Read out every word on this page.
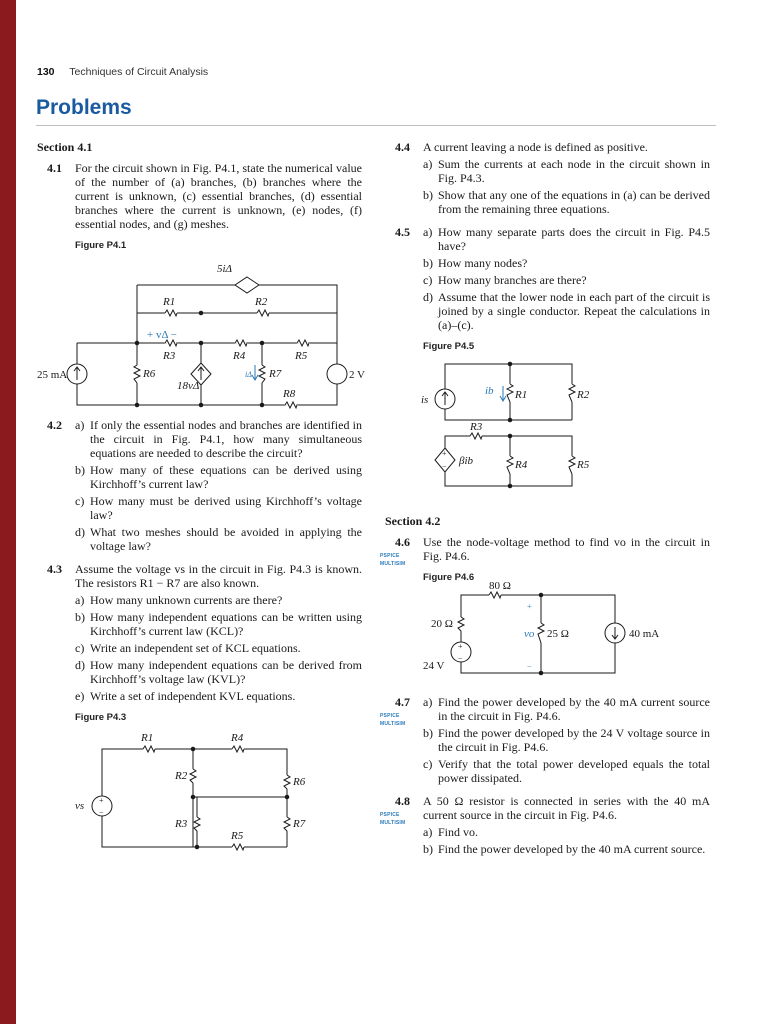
130 Techniques of Circuit Analysis
Problems
Section 4.1
4.1 For the circuit shown in Fig. P4.1, state the numerical value of the number of (a) branches, (b) branches where the current is unknown, (c) essential branches, (d) essential branches where the current is unknown, (e) nodes, (f) essential nodes, and (g) meshes.
Figure P4.1
25 mA	2 V
5iΔ
18vΔ
+ vΔ −
iΔ
R1	R2
R3	R4	R5
R6	R7
R8
4.2 a) If only the essential nodes and branches are identified in the circuit in Fig. P4.1, how many simultaneous equations are needed to describe the circuit?
b) How many of these equations can be derived using Kirchhoff’s current law?
c) How many must be derived using Kirchhoff’s voltage law?
d) What two meshes should be avoided in applying the voltage law?
4.3 Assume the voltage vs in the circuit in Fig. P4.3 is known. The resistors R1 − R7 are also known.
a) How many unknown currents are there?
b) How many independent equations can be written using Kirchhoff’s current law (KCL)?
c) Write an independent set of KCL equations.
d) How many independent equations can be derived from Kirchhoff’s voltage law (KVL)?
e) Write a set of independent KVL equations.
Figure P4.3
+
−
vs
R1
R2
R3
R4
R5
R6
R7
4.4 A current leaving a node is defined as positive.
a) Sum the currents at each node in the circuit shown in Fig. P4.3.
b) Show that any one of the equations in (a) can be derived from the remaining three equations.
4.5 a) How many separate parts does the circuit in Fig. P4.5 have?
b) How many nodes?
c) How many branches are there?
d) Assume that the lower node in each part of the circuit is joined by a single conductor. Repeat the calculations in (a)–(c).
Figure P4.5
+
−
is
ib
βib
R1	R2
R3
R4	R5
Section 4.2
4.6
PSPICE
MULTISIM
Use the node-voltage method to find vo in the circuit in Fig. P4.6.
Figure P4.6
+
−
+
−
80 Ω
20 Ω
25 Ω
24 V
40 mA
vo
4.7
PSPICE
MULTISIM
a) Find the power developed by the 40 mA current source in the circuit in Fig. P4.6.
b) Find the power developed by the 24 V voltage source in the circuit in Fig. P4.6.
c) Verify that the total power developed equals the total power dissipated.
4.8
PSPICE
MULTISIM
A 50 Ω resistor is connected in series with the 40 mA current source in the circuit in Fig. P4.6.
a) Find vo.
b) Find the power developed by the 40 mA current source.
